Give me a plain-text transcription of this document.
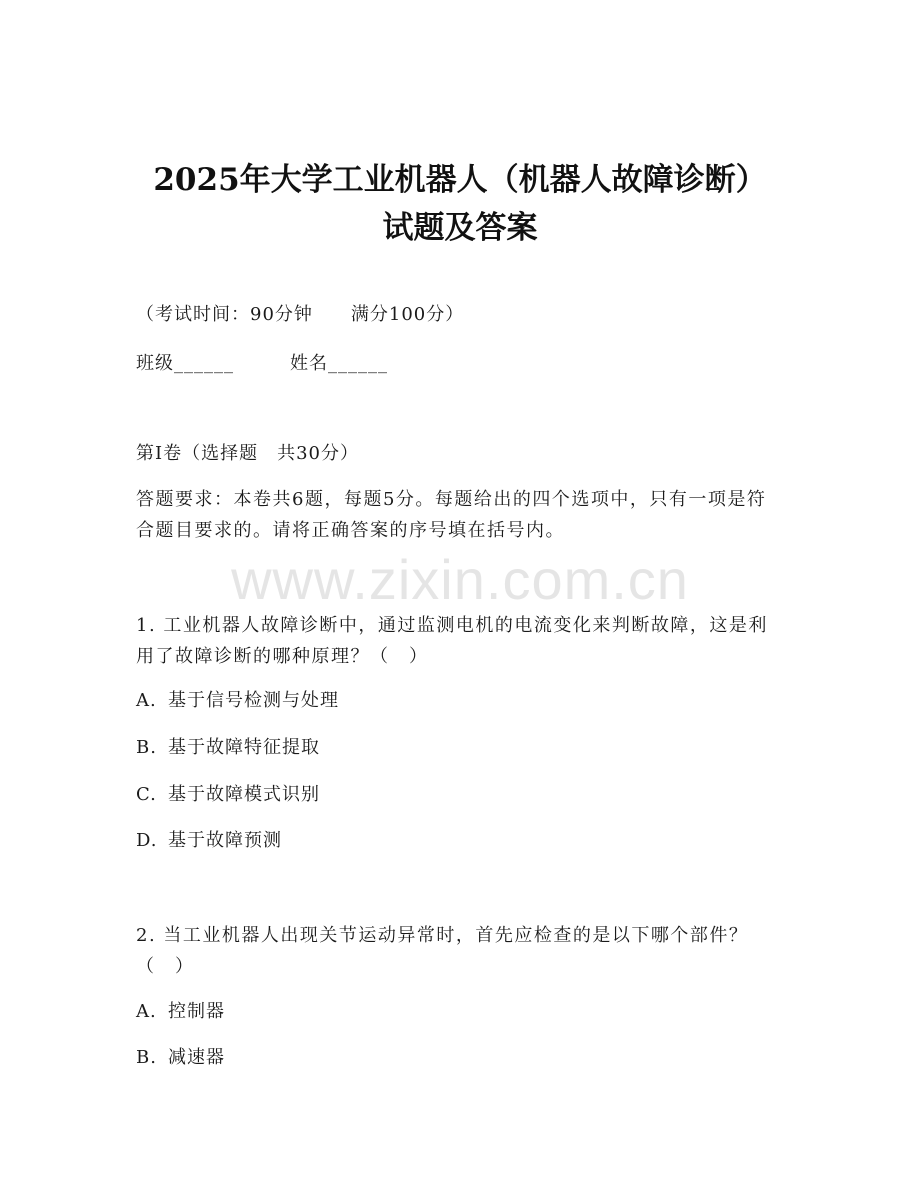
2025年大学工业机器人（机器人故障诊断）
试题及答案
（考试时间：90分钟　　满分100分）
班级______	姓名______
第I卷（选择题　共30分）
答题要求：本卷共6题，每题5分。每题给出的四个选项中，只有一项是符合题目要求的。请将正确答案的序号填在括号内。
www.zixin.com.cn
1. 工业机器人故障诊断中，通过监测电机的电流变化来判断故障，这是利用了故障诊断的哪种原理？（　）
A. 基于信号检测与处理
B. 基于故障特征提取
C. 基于故障模式识别
D. 基于故障预测
2. 当工业机器人出现关节运动异常时，首先应检查的是以下哪个部件？（　）
A. 控制器
B. 减速器
